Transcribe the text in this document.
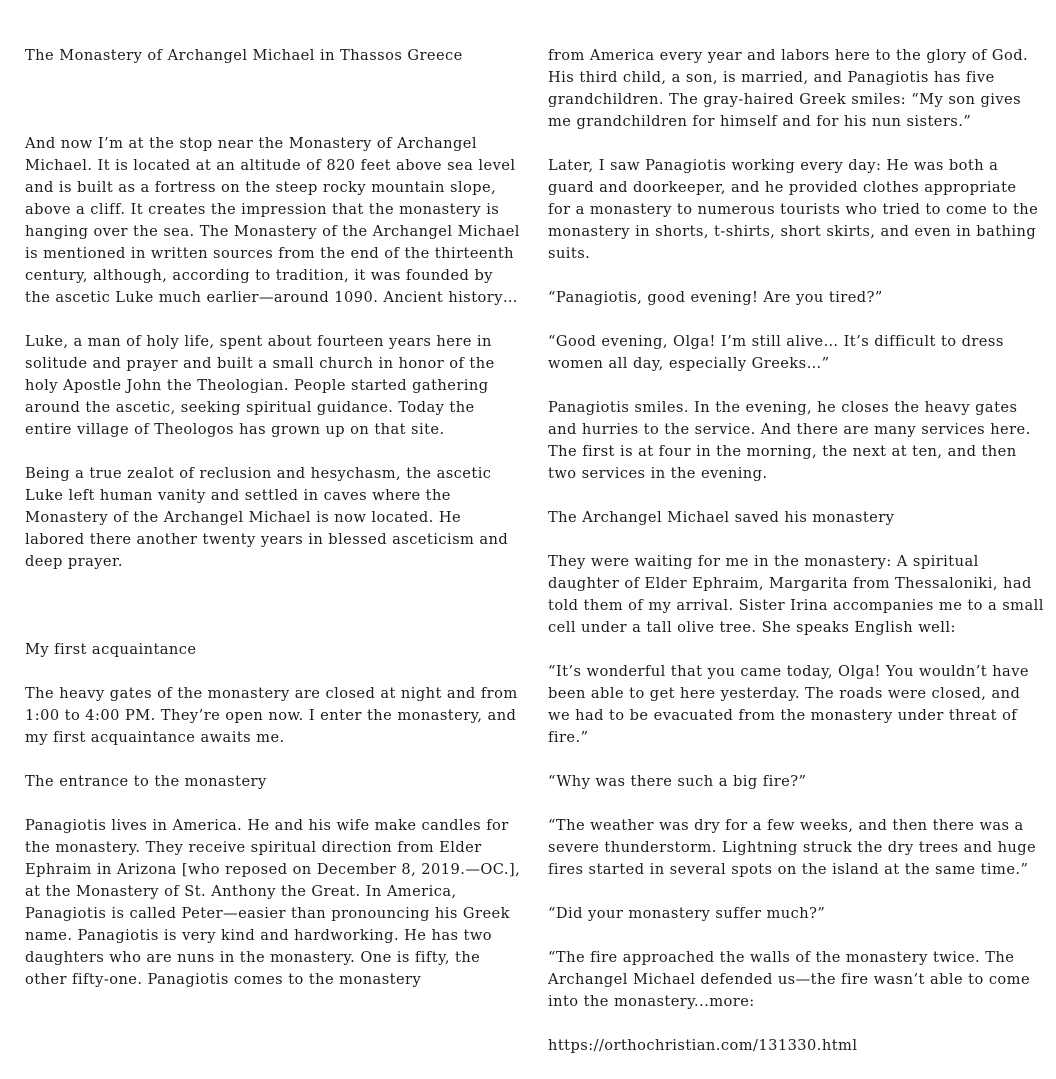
The Monastery of Archangel Michael in Thassos Greece

And now I’m at the stop near the Monastery of Archangel Michael. It is located at an altitude of 820 feet above sea level and is built as a fortress on the steep rocky mountain slope, above a cliff. It creates the impression that the monastery is hanging over the sea. The Monastery of the Archangel Michael is mentioned in written sources from the end of the thirteenth century, although, according to tradition, it was founded by the ascetic Luke much earlier—around 1090. Ancient history…

Luke, a man of holy life, spent about fourteen years here in solitude and prayer and built a small church in honor of the holy Apostle John the Theologian. People started gathering around the ascetic, seeking spiritual guidance. Today the entire village of Theologos has grown up on that site.

Being a true zealot of reclusion and hesychasm, the ascetic Luke left human vanity and settled in caves where the Monastery of the Archangel Michael is now located. He labored there another twenty years in blessed asceticism and deep prayer.

My first acquaintance

The heavy gates of the monastery are closed at night and from 1:00 to 4:00 PM. They’re open now. I enter the monastery, and my first acquaintance awaits me.

The entrance to the monastery

Panagiotis lives in America. He and his wife make candles for the monastery. They receive spiritual direction from Elder Ephraim in Arizona [who reposed on December 8, 2019.—OC.], at the Monastery of St. Anthony the Great. In America, Panagiotis is called Peter—easier than pronouncing his Greek name. Panagiotis is very kind and hardworking. He has two daughters who are nuns in the monastery. One is fifty, the other fifty-one. Panagiotis comes to the monastery

from America every year and labors here to the glory of God. His third child, a son, is married, and Panagiotis has five grandchildren. The gray-haired Greek smiles: “My son gives me grandchildren for himself and for his nun sisters.”

Later, I saw Panagiotis working every day: He was both a guard and doorkeeper, and he provided clothes appropriate for a monastery to numerous tourists who tried to come to the monastery in shorts, t-shirts, short skirts, and even in bathing suits.

“Panagiotis, good evening! Are you tired?”

“Good evening, Olga! I’m still alive… It’s difficult to dress women all day, especially Greeks…”

Panagiotis smiles. In the evening, he closes the heavy gates and hurries to the service. And there are many services here. The first is at four in the morning, the next at ten, and then two services in the evening.

The Archangel Michael saved his monastery

They were waiting for me in the monastery: A spiritual daughter of Elder Ephraim, Margarita from Thessaloniki, had told them of my arrival. Sister Irina accompanies me to a small cell under a tall olive tree. She speaks English well:

“It’s wonderful that you came today, Olga! You wouldn’t have been able to get here yesterday. The roads were closed, and we had to be evacuated from the monastery under threat of fire.”

“Why was there such a big fire?”

“The weather was dry for a few weeks, and then there was a severe thunderstorm. Lightning struck the dry trees and huge fires started in several spots on the island at the same time.”

“Did your monastery suffer much?”

“The fire approached the walls of the monastery twice. The Archangel Michael defended us—the fire wasn’t able to come into the monastery...more:

https://orthochristian.com/131330.html
